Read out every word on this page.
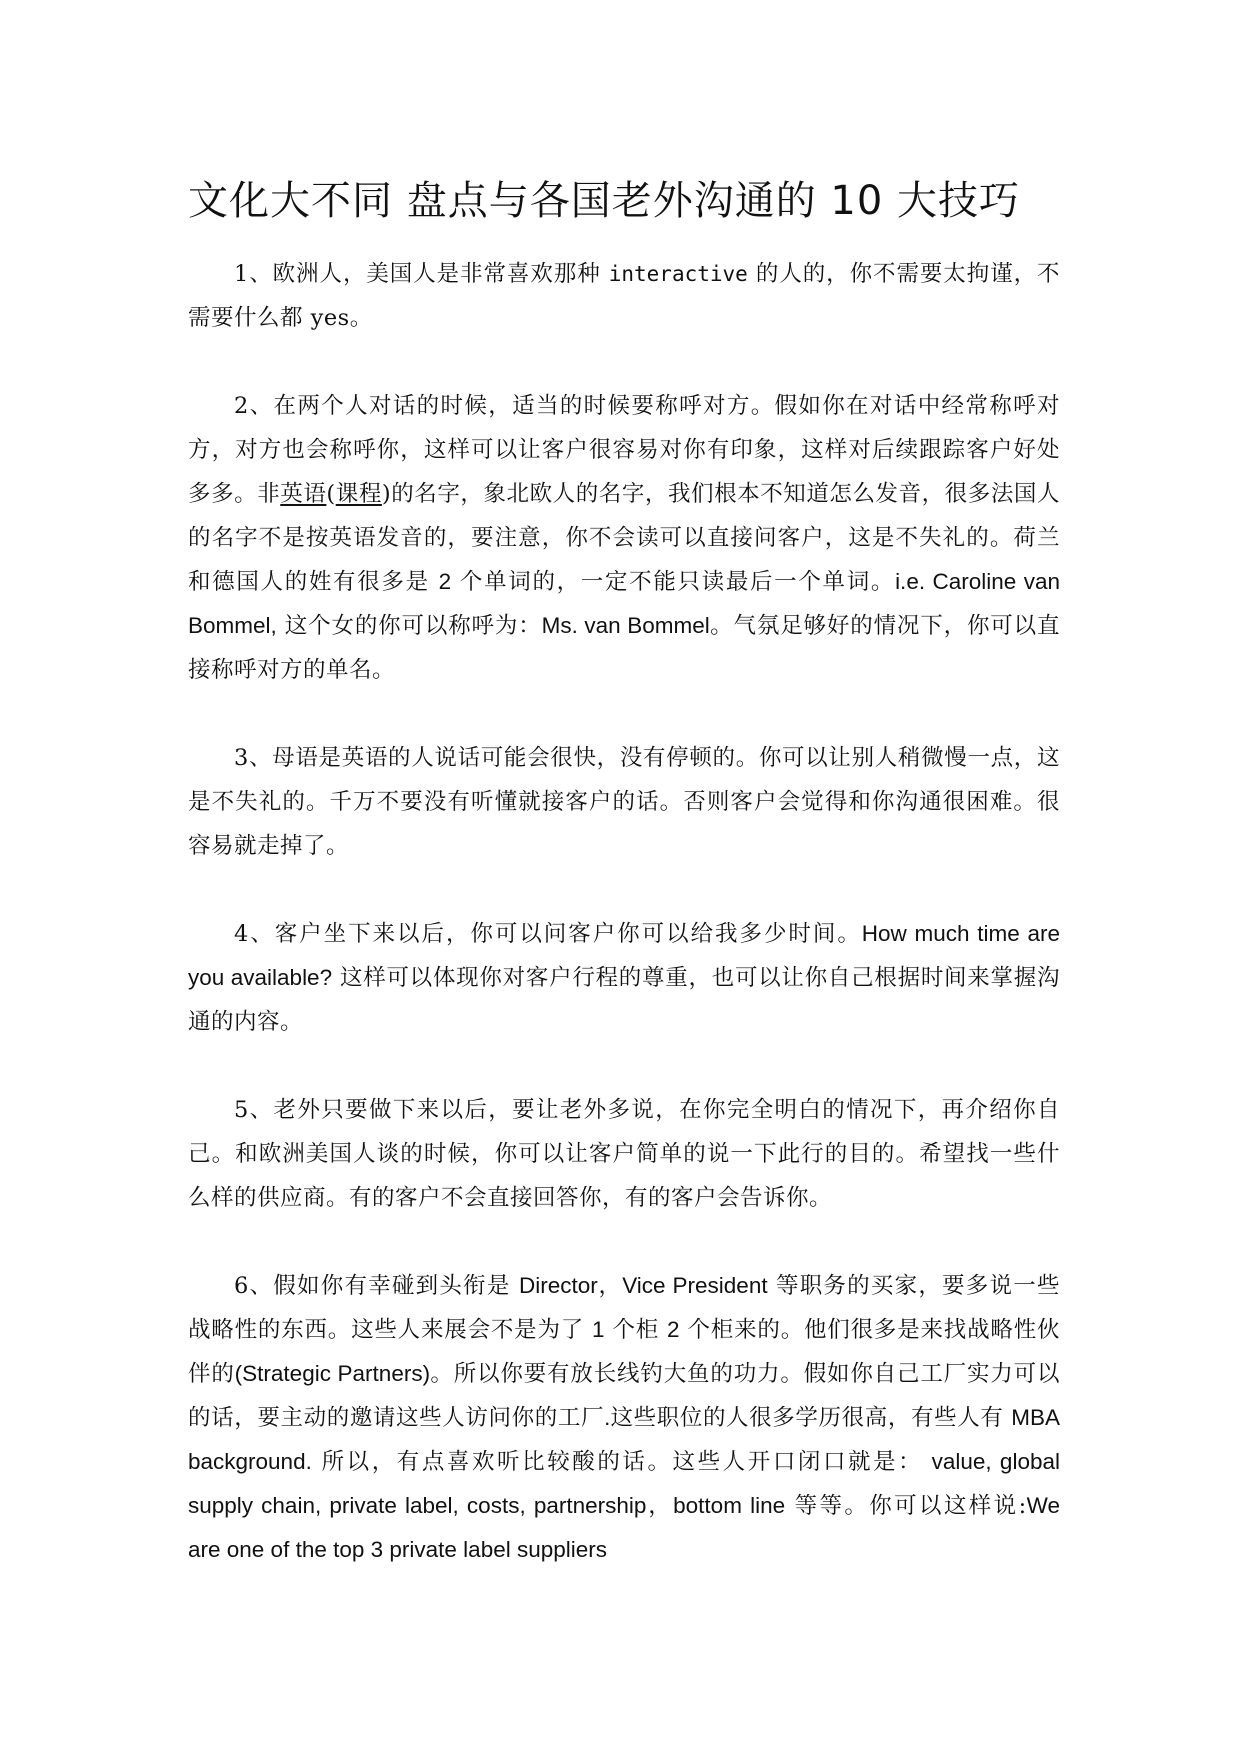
文化大不同 盘点与各国老外沟通的 10 大技巧

1、欧洲人，美国人是非常喜欢那种 interactive 的人的，你不需要太拘谨，不需要什么都 yes。

2、在两个人对话的时候，适当的时候要称呼对方。假如你在对话中经常称呼对方，对方也会称呼你，这样可以让客户很容易对你有印象，这样对后续跟踪客户好处多多。非英语(课程)的名字，象北欧人的名字，我们根本不知道怎么发音，很多法国人的名字不是按英语发音的，要注意，你不会读可以直接问客户，这是不失礼的。荷兰和德国人的姓有很多是 2 个单词的，一定不能只读最后一个单词。i.e. Caroline van Bommel, 这个女的你可以称呼为：Ms. van Bommel。气氛足够好的情况下，你可以直接称呼对方的单名。

3、母语是英语的人说话可能会很快，没有停顿的。你可以让别人稍微慢一点，这是不失礼的。千万不要没有听懂就接客户的话。否则客户会觉得和你沟通很困难。很容易就走掉了。

4、客户坐下来以后，你可以问客户你可以给我多少时间。How much time are you available? 这样可以体现你对客户行程的尊重，也可以让你自己根据时间来掌握沟通的内容。

5、老外只要做下来以后，要让老外多说，在你完全明白的情况下，再介绍你自己。和欧洲美国人谈的时候，你可以让客户简单的说一下此行的目的。希望找一些什么样的供应商。有的客户不会直接回答你，有的客户会告诉你。

6、假如你有幸碰到头衔是 Director，Vice President 等职务的买家，要多说一些战略性的东西。这些人来展会不是为了 1 个柜 2 个柜来的。他们很多是来找战略性伙伴的(Strategic Partners)。所以你要有放长线钓大鱼的功力。假如你自己工厂实力可以的话，要主动的邀请这些人访问你的工厂.这些职位的人很多学历很高，有些人有 MBA background. 所以，有点喜欢听比较酸的话。这些人开口闭口就是： value, global supply chain, private label, costs, partnership，bottom line 等等。你可以这样说:We are one of the top 3 private label suppliers
